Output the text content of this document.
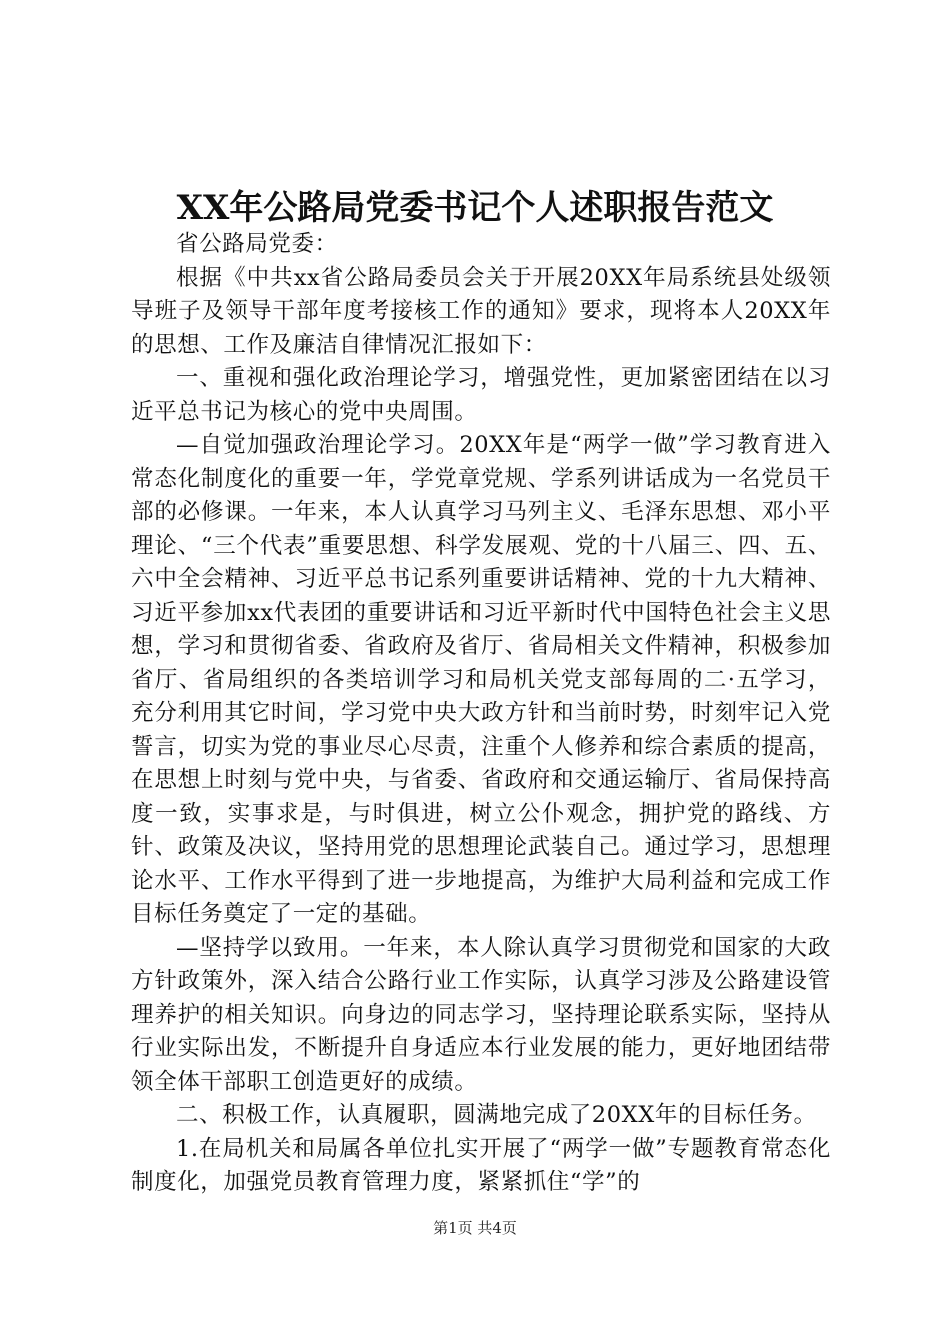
XX年公路局党委书记个人述职报告范文

省公路局党委：

根据《中共xx省公路局委员会关于开展20XX年局系统县处级领导班子及领导干部年度考接核工作的通知》要求，现将本人20XX年的思想、工作及廉洁自律情况汇报如下：

一、重视和强化政治理论学习，增强党性，更加紧密团结在以习近平总书记为核心的党中央周围。

—自觉加强政治理论学习。20XX年是“两学一做”学习教育进入常态化制度化的重要一年，学党章党规、学系列讲话成为一名党员干部的必修课。一年来，本人认真学习马列主义、毛泽东思想、邓小平理论、“三个代表”重要思想、科学发展观、党的十八届三、四、五、六中全会精神、习近平总书记系列重要讲话精神、党的十九大精神、习近平参加xx代表团的重要讲话和习近平新时代中国特色社会主义思想，学习和贯彻省委、省政府及省厅、省局相关文件精神，积极参加省厅、省局组织的各类培训学习和局机关党支部每周的二·五学习，充分利用其它时间，学习党中央大政方针和当前时势，时刻牢记入党誓言，切实为党的事业尽心尽责，注重个人修养和综合素质的提高，在思想上时刻与党中央，与省委、省政府和交通运输厅、省局保持高度一致，实事求是，与时俱进，树立公仆观念，拥护党的路线、方针、政策及决议，坚持用党的思想理论武装自己。通过学习，思想理论水平、工作水平得到了进一步地提高，为维护大局利益和完成工作目标任务奠定了一定的基础。

—坚持学以致用。一年来，本人除认真学习贯彻党和国家的大政方针政策外，深入结合公路行业工作实际，认真学习涉及公路建设管理养护的相关知识。向身边的同志学习，坚持理论联系实际，坚持从行业实际出发，不断提升自身适应本行业发展的能力，更好地团结带领全体干部职工创造更好的成绩。

二、积极工作，认真履职，圆满地完成了20XX年的目标任务。

1.在局机关和局属各单位扎实开展了“两学一做”专题教育常态化制度化，加强党员教育管理力度，紧紧抓住“学”的

第1页 共4页
